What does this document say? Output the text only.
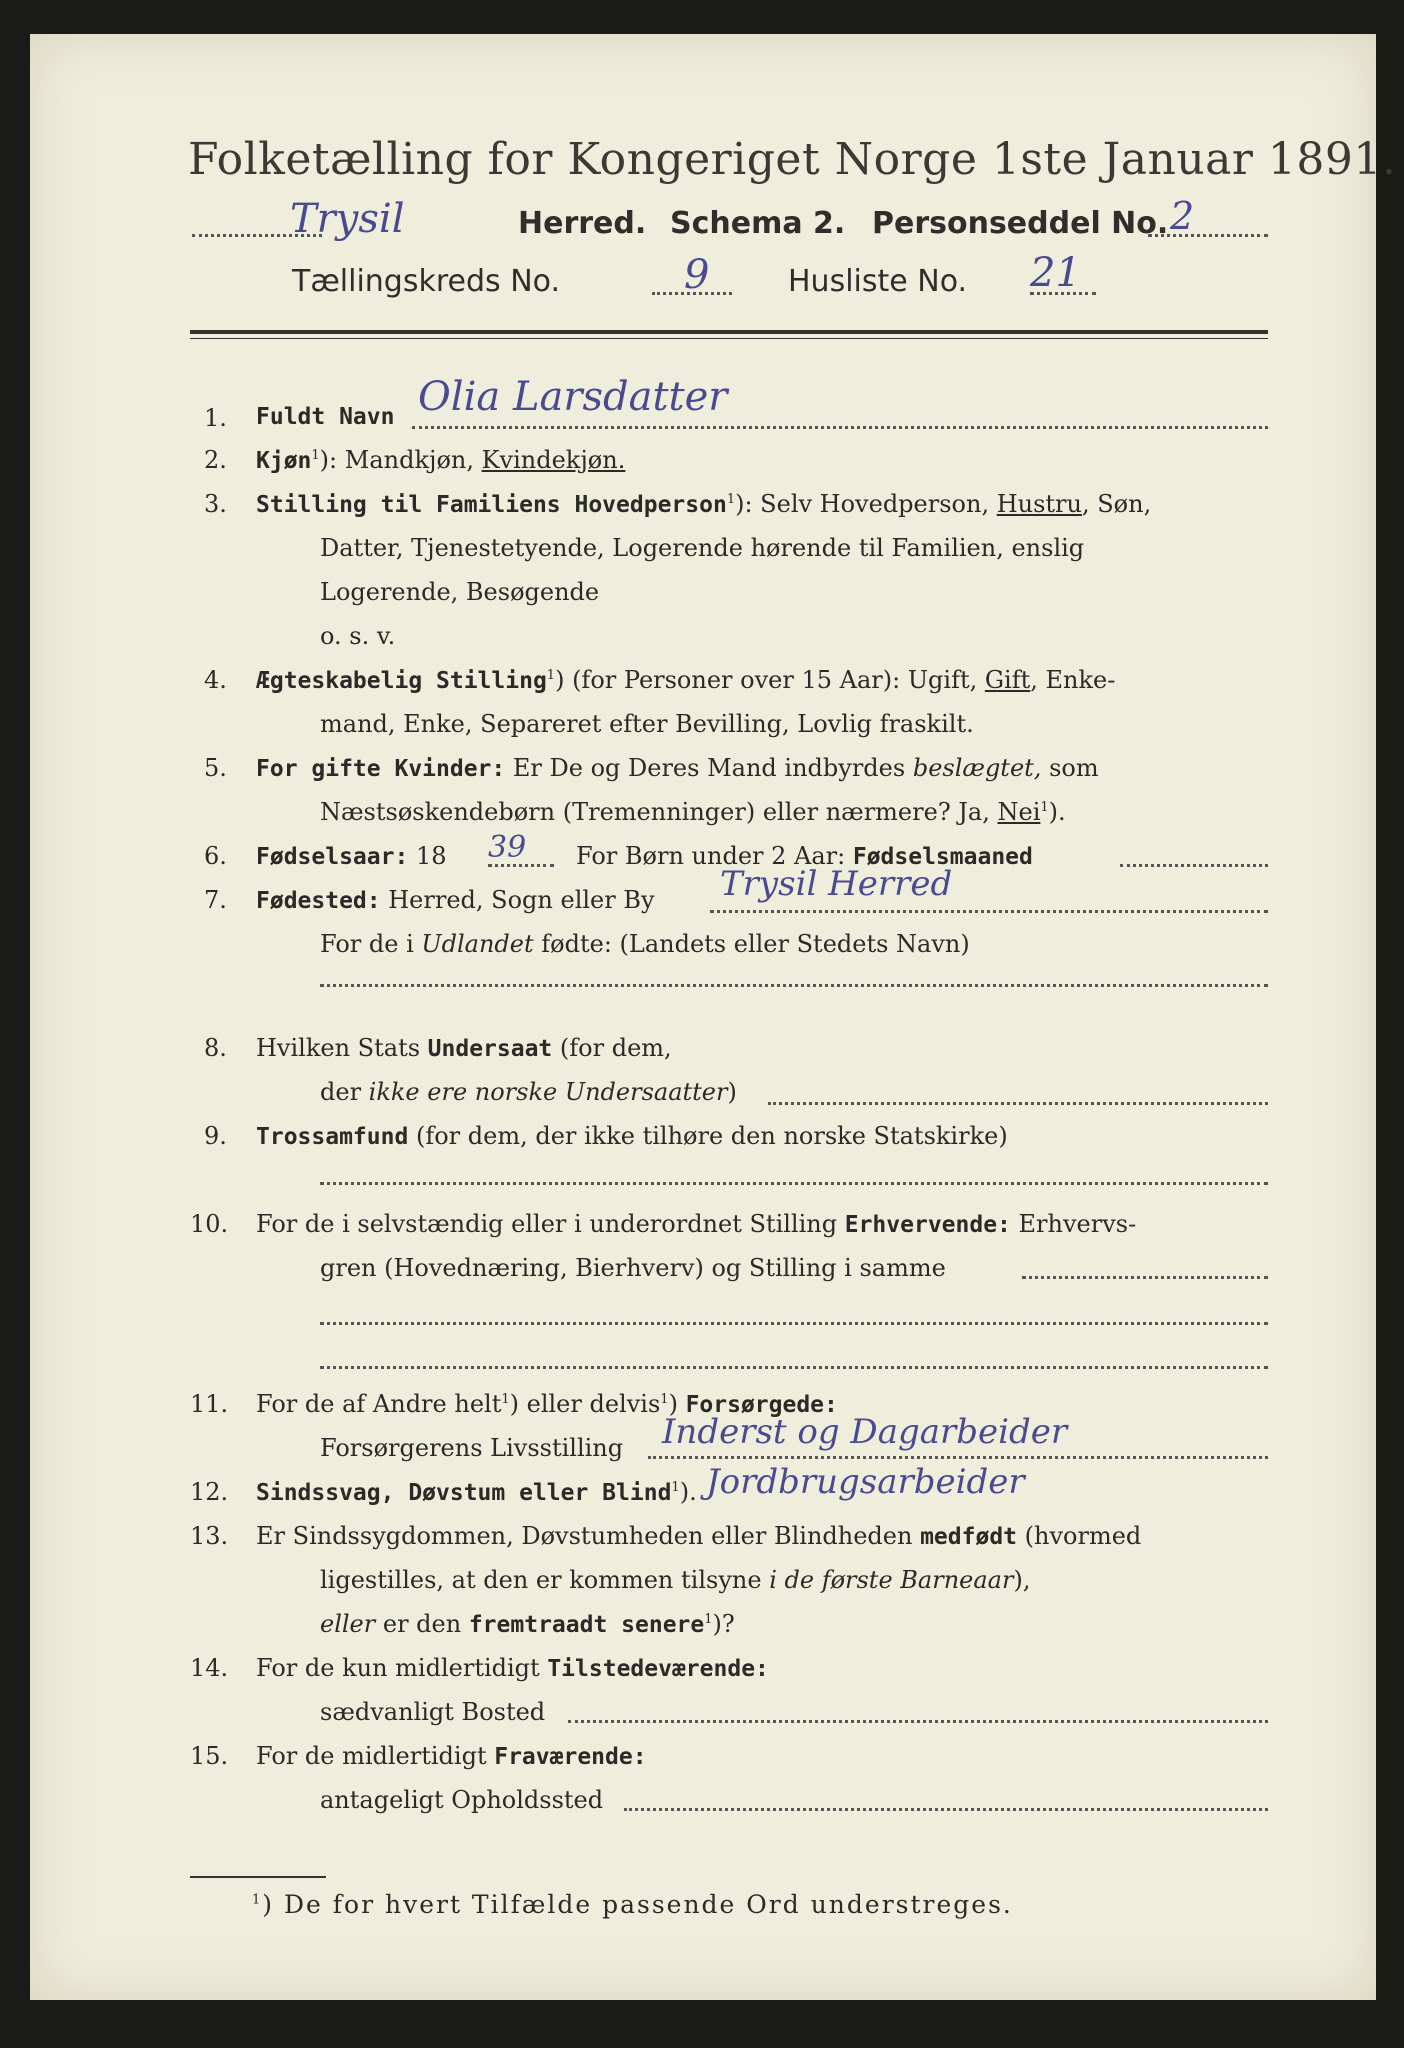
Folketælling for Kongeriget Norge 1ste Januar 1891.
Trysil	Herred. Schema 2. Personseddel No. 2
Tællingskreds No.	9	Husliste No. 21
1. Fuldt Navn Olia Larsdatter
2. Kjøn$^1$): Mandkjøn, Kvindekjøn.
3. Stilling til Familiens Hovedperson$^1$): Selv Hovedperson, Hustru, Søn,
Datter, Tjenestetyende, Logerende hørende til Familien, enslig
Logerende, Besøgende
o. s. v.
4. Ægteskabelig Stilling$^1$) (for Personer over 15 Aar): Ugift, Gift, Enke-
mand, Enke, Separeret efter Bevilling, Lovlig fraskilt.
5. For gifte Kvinder: Er De og Deres Mand indbyrdes beslægtet, som
Næstsøskendebørn (Tremenninger) eller nærmere? Ja, Nei$^1$).
6. Fødselsaar: 18 39 For Børn under 2 Aar: Fødselsmaaned
7. Fødested: Herred, Sogn eller By Trysil Herred
For de i Udlandet fødte: (Landets eller Stedets Navn)
8. Hvilken Stats Undersaat (for dem,
der ikke ere norske Undersaatter)
9. Trossamfund (for dem, der ikke tilhøre den norske Statskirke)
10. For de i selvstændig eller i underordnet Stilling Erhvervende: Erhvervs-
gren (Hovednæring, Bierhverv) og Stilling i samme
11. For de af Andre helt$^1$) eller delvis$^1$) Forsørgede:
Forsørgerens Livsstilling Inderst og Dagarbeider
12. Sindssvag, Døvstum eller Blind$^1$). Jordbrugsarbeider
13. Er Sindssygdommen, Døvstumheden eller Blindheden medfødt (hvormed
ligestilles, at den er kommen tilsyne i de første Barneaar),
eller er den fremtraadt senere$^1$)?
14. For de kun midlertidigt Tilstedeværende:
sædvanligt Bosted
15. For de midlertidigt Fraværende:
antageligt Opholdssted
$^1$) De for hvert Tilfælde passende Ord understreges.
